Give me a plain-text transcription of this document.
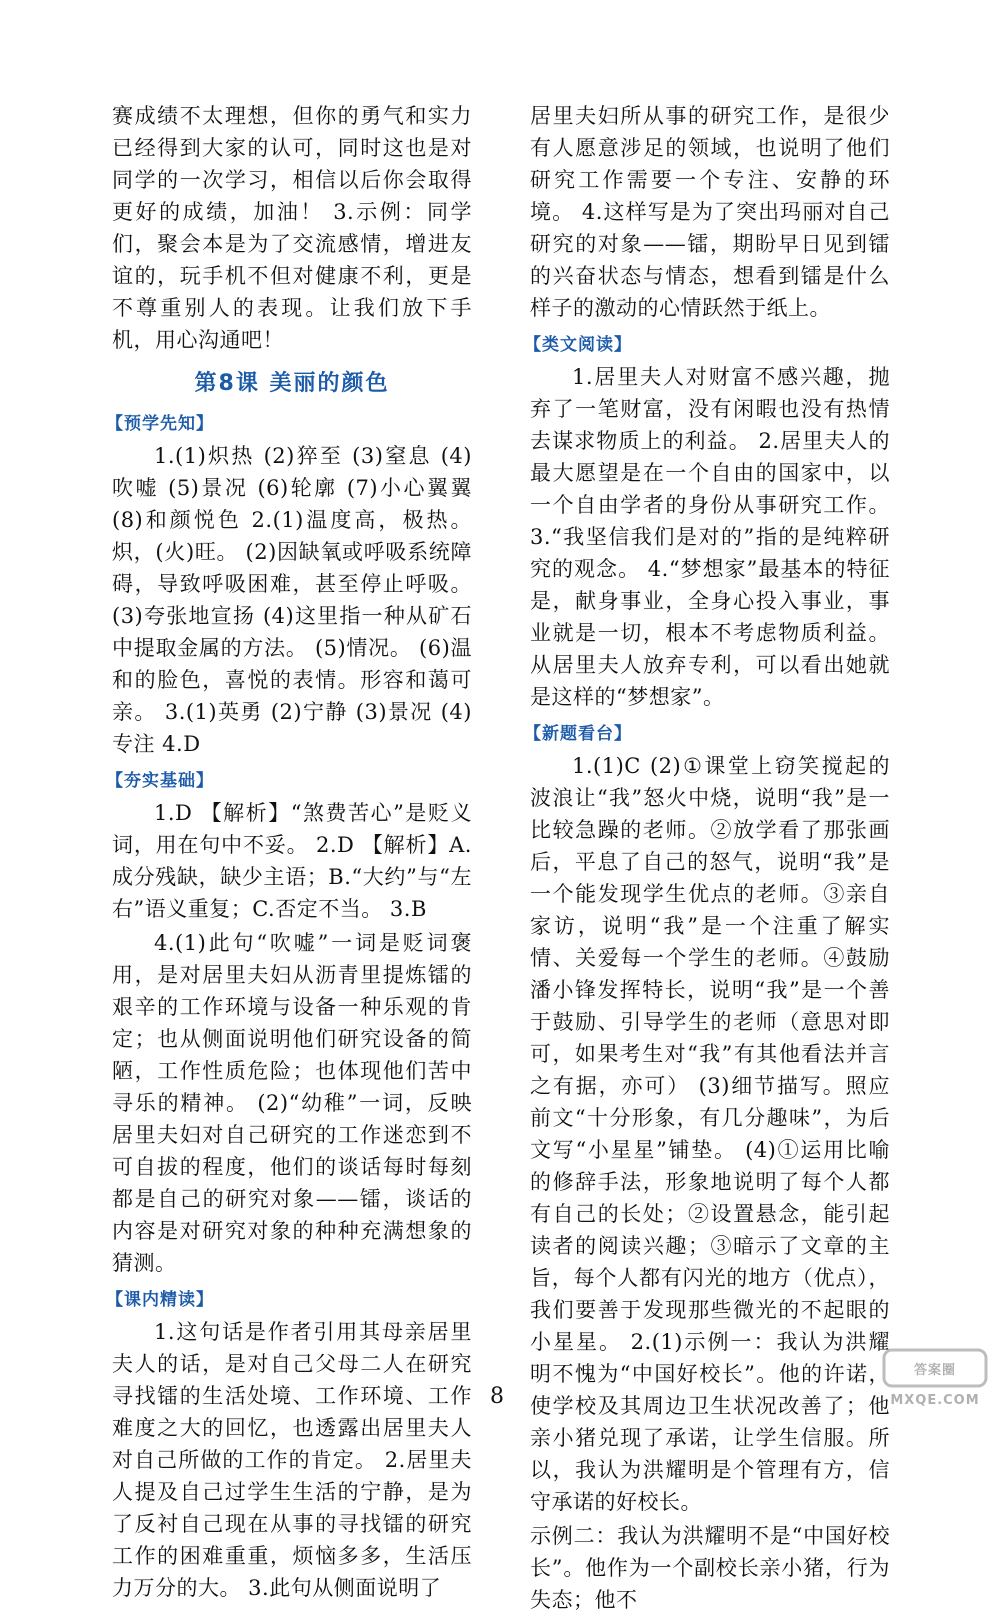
赛成绩不太理想，但你的勇气和实力已经得到大家的认可，同时这也是对同学的一次学习，相信以后你会取得更好的成绩，加油！ 3.示例：同学们，聚会本是为了交流感情，增进友谊的，玩手机不但对健康不利，更是不尊重别人的表现。让我们放下手机，用心沟通吧！

第8课 美丽的颜色
【预学先知】

1.(1)炽热 (2)猝至 (3)窒息 (4)吹嘘 (5)景况 (6)轮廓 (7)小心翼翼 (8)和颜悦色 2.(1)温度高，极热。炽，(火)旺。 (2)因缺氧或呼吸系统障碍，导致呼吸困难，甚至停止呼吸。 (3)夸张地宣扬 (4)这里指一种从矿石中提取金属的方法。 (5)情况。 (6)温和的脸色，喜悦的表情。形容和蔼可亲。 3.(1)英勇 (2)宁静 (3)景况 (4)专注 4.D

【夯实基础】

1.D 【解析】“煞费苦心”是贬义词，用在句中不妥。 2.D 【解析】A.成分残缺，缺少主语；B.“大约”与“左右”语义重复；C.否定不当。 3.B

4.(1)此句“吹嘘”一词是贬词褒用，是对居里夫妇从沥青里提炼镭的艰辛的工作环境与设备一种乐观的肯定；也从侧面说明他们研究设备的简陋，工作性质危险；也体现他们苦中寻乐的精神。 (2)“幼稚”一词，反映居里夫妇对自己研究的工作迷恋到不可自拔的程度，他们的谈话每时每刻都是自己的研究对象——镭，谈话的内容是对研究对象的种种充满想象的猜测。

【课内精读】

1.这句话是作者引用其母亲居里夫人的话，是对自己父母二人在研究寻找镭的生活处境、工作环境、工作难度之大的回忆，也透露出居里夫人对自己所做的工作的肯定。 2.居里夫人提及自己过学生生活的宁静，是为了反衬自己现在从事的寻找镭的研究工作的困难重重，烦恼多多，生活压力万分的大。 3.此句从侧面说明了

居里夫妇所从事的研究工作，是很少有人愿意涉足的领域，也说明了他们研究工作需要一个专注、安静的环境。 4.这样写是为了突出玛丽对自己研究的对象——镭，期盼早日见到镭的兴奋状态与情态，想看到镭是什么样子的激动的心情跃然于纸上。

【类文阅读】

1.居里夫人对财富不感兴趣，抛弃了一笔财富，没有闲暇也没有热情去谋求物质上的利益。 2.居里夫人的最大愿望是在一个自由的国家中，以一个自由学者的身份从事研究工作。 3.“我坚信我们是对的”指的是纯粹研究的观念。 4.“梦想家”最基本的特征是，献身事业，全身心投入事业，事业就是一切，根本不考虑物质利益。从居里夫人放弃专利，可以看出她就是这样的“梦想家”。

【新题看台】

1.(1)C (2)①课堂上窃笑搅起的波浪让“我”怒火中烧，说明“我”是一比较急躁的老师。②放学看了那张画后，平息了自己的怒气，说明“我”是一个能发现学生优点的老师。③亲自家访，说明“我”是一个注重了解实情、关爱每一个学生的老师。④鼓励潘小锋发挥特长，说明“我”是一个善于鼓励、引导学生的老师（意思对即可，如果考生对“我”有其他看法并言之有据，亦可） (3)细节描写。照应前文“十分形象，有几分趣味”，为后文写“小星星”铺垫。 (4)①运用比喻的修辞手法，形象地说明了每个人都有自己的长处；②设置悬念，能引起读者的阅读兴趣；③暗示了文章的主旨，每个人都有闪光的地方（优点），我们要善于发现那些微光的不起眼的小星星。 2.(1)示例一：我认为洪耀明不愧为“中国好校长”。他的许诺，使学校及其周边卫生状况改善了；他亲小猪兑现了承诺，让学生信服。所以，我认为洪耀明是个管理有方，信守承诺的好校长。

示例二：我认为洪耀明不是“中国好校长”。他作为一个副校长亲小猪，行为失态；他不

8
答案圈
MXQE.COM
